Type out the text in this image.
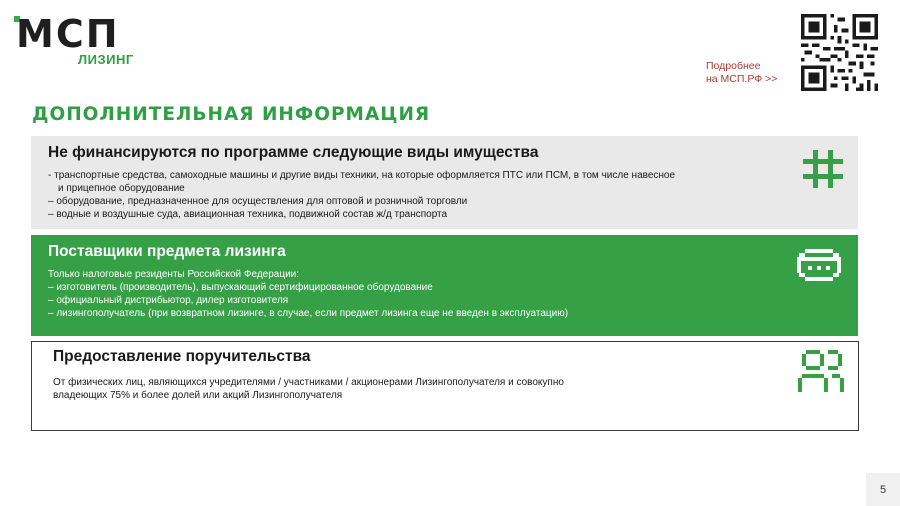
МСП
ЛИЗИНГ	Подробнее
на МСП.РФ >>
ДОПОЛНИТЕЛЬНАЯ ИНФОРМАЦИЯ
Не финансируются по программе следующие виды имущества
- транспортные средства, самоходные машины и другие виды техники, на которые оформляется ПТС или ПСМ, в том числе навесное
и прицепное оборудование
– оборудование, предназначенное для осуществления для оптовой и розничной торговли
– водные и воздушные суда, авиационная техника, подвижной состав ж/д транспорта
Поставщики предмета лизинга
Только налоговые резиденты Российской Федерации:
– изготовитель (производитель), выпускающий сертифицированное оборудование
– официальный дистрибьютор, дилер изготовителя
– лизингополучатель (при возвратном лизинге, в случае, если предмет лизинга еще не введен в эксплуатацию)
Предоставление поручительства
От физических лиц, являющихся учредителями / участниками / акционерами Лизингополучателя и совокупно
владеющих 75% и более долей или акций Лизингополучателя
5
